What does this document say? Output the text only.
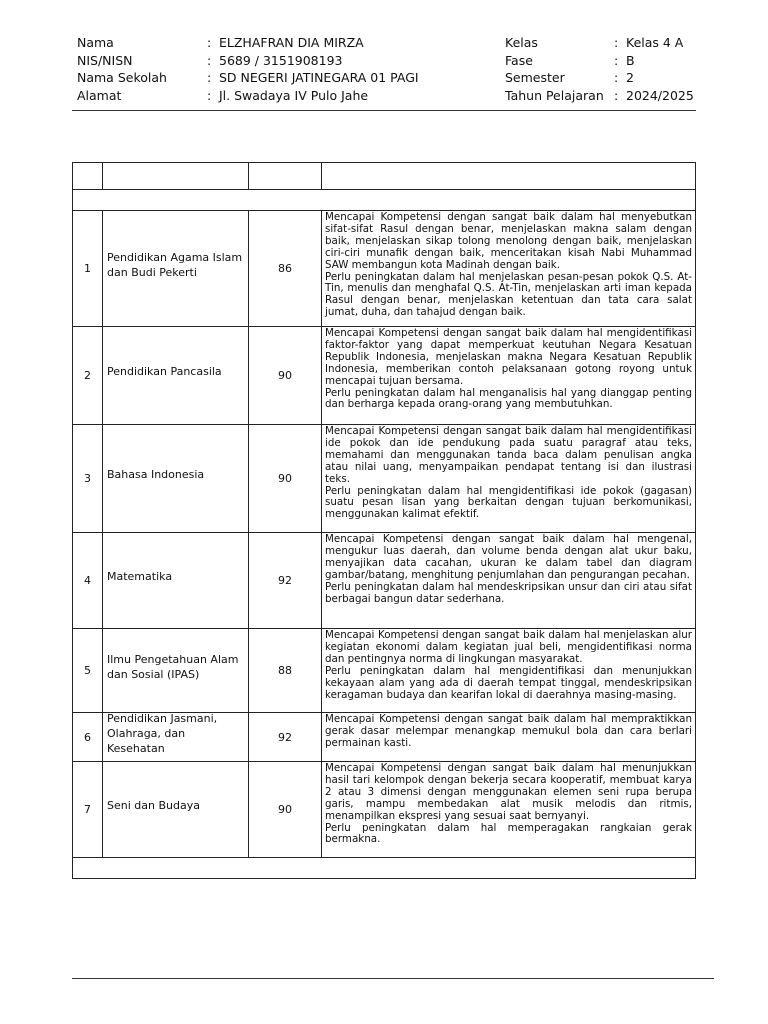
Nama	: ELZHAFRAN DIA MIRZA
NIS/NISN	: 5689 / 3151908193
Nama Sekolah	: SD NEGERI JATINEGARA 01 PAGI
Alamat	: Jl. Swadaya IV Pulo Jahe
Kelas	: Kelas 4 A
Fase	: B
Semester	: 2
Tahun Pelajaran : 2024/2025

1	Pendidikan Agama Islam dan Budi Pekerti	86	Mencapai Kompetensi dengan sangat baik dalam hal menyebutkan sifat-sifat Rasul dengan benar, menjelaskan makna salam dengan baik, menjelaskan sikap tolong menolong dengan baik, menjelaskan ciri-ciri munafik dengan baik, menceritakan kisah Nabi Muhammad SAW membangun kota Madinah dengan baik.

Perlu peningkatan dalam hal menjelaskan pesan-pesan pokok Q.S. At-Tin, menulis dan menghafal Q.S. At-Tin, menjelaskan arti iman kepada Rasul dengan benar, menjelaskan ketentuan dan tata cara salat jumat, duha, dan tahajud dengan baik.

2	Pendidikan Pancasila	90	Mencapai Kompetensi dengan sangat baik dalam hal mengidentifikasi faktor-faktor yang dapat memperkuat keutuhan Negara Kesatuan Republik Indonesia, menjelaskan makna Negara Kesatuan Republik Indonesia, memberikan contoh pelaksanaan gotong royong untuk mencapai tujuan bersama.

Perlu peningkatan dalam hal menganalisis hal yang dianggap penting dan berharga kepada orang-orang yang membutuhkan.

3	Bahasa Indonesia	90	Mencapai Kompetensi dengan sangat baik dalam hal mengidentifikasi ide pokok dan ide pendukung pada suatu paragraf atau teks, memahami dan menggunakan tanda baca dalam penulisan angka atau nilai uang, menyampaikan pendapat tentang isi dan ilustrasi teks.

Perlu peningkatan dalam hal mengidentifikasi ide pokok (gagasan) suatu pesan lisan yang berkaitan dengan tujuan berkomunikasi, menggunakan kalimat efektif.

4	Matematika	92	Mencapai Kompetensi dengan sangat baik dalam hal mengenal, mengukur luas daerah, dan volume benda dengan alat ukur baku, menyajikan data cacahan, ukuran ke dalam tabel dan diagram gambar/batang, menghitung penjumlahan dan pengurangan pecahan.

Perlu peningkatan dalam hal mendeskripsikan unsur dan ciri atau sifat berbagai bangun datar sederhana.

5	Ilmu Pengetahuan Alam dan Sosial (IPAS)	88	Mencapai Kompetensi dengan sangat baik dalam hal menjelaskan alur kegiatan ekonomi dalam kegiatan jual beli, mengidentifikasi norma dan pentingnya norma di lingkungan masyarakat.

Perlu peningkatan dalam hal mengidentifikasi dan menunjukkan kekayaan alam yang ada di daerah tempat tinggal, mendeskripsikan keragaman budaya dan kearifan lokal di daerahnya masing-masing.

6	Pendidikan Jasmani, Olahraga, dan Kesehatan	92	Mencapai Kompetensi dengan sangat baik dalam hal mempraktikkan gerak dasar melempar menangkap memukul bola dan cara berlari permainan kasti.

7	Seni dan Budaya	90	Mencapai Kompetensi dengan sangat baik dalam hal menunjukkan hasil tari kelompok dengan bekerja secara kooperatif, membuat karya 2 atau 3 dimensi dengan menggunakan elemen seni rupa berupa garis, mampu membedakan alat musik melodis dan ritmis, menampilkan ekspresi yang sesuai saat bernyanyi.

Perlu peningkatan dalam hal memperagakan rangkaian gerak bermakna.
